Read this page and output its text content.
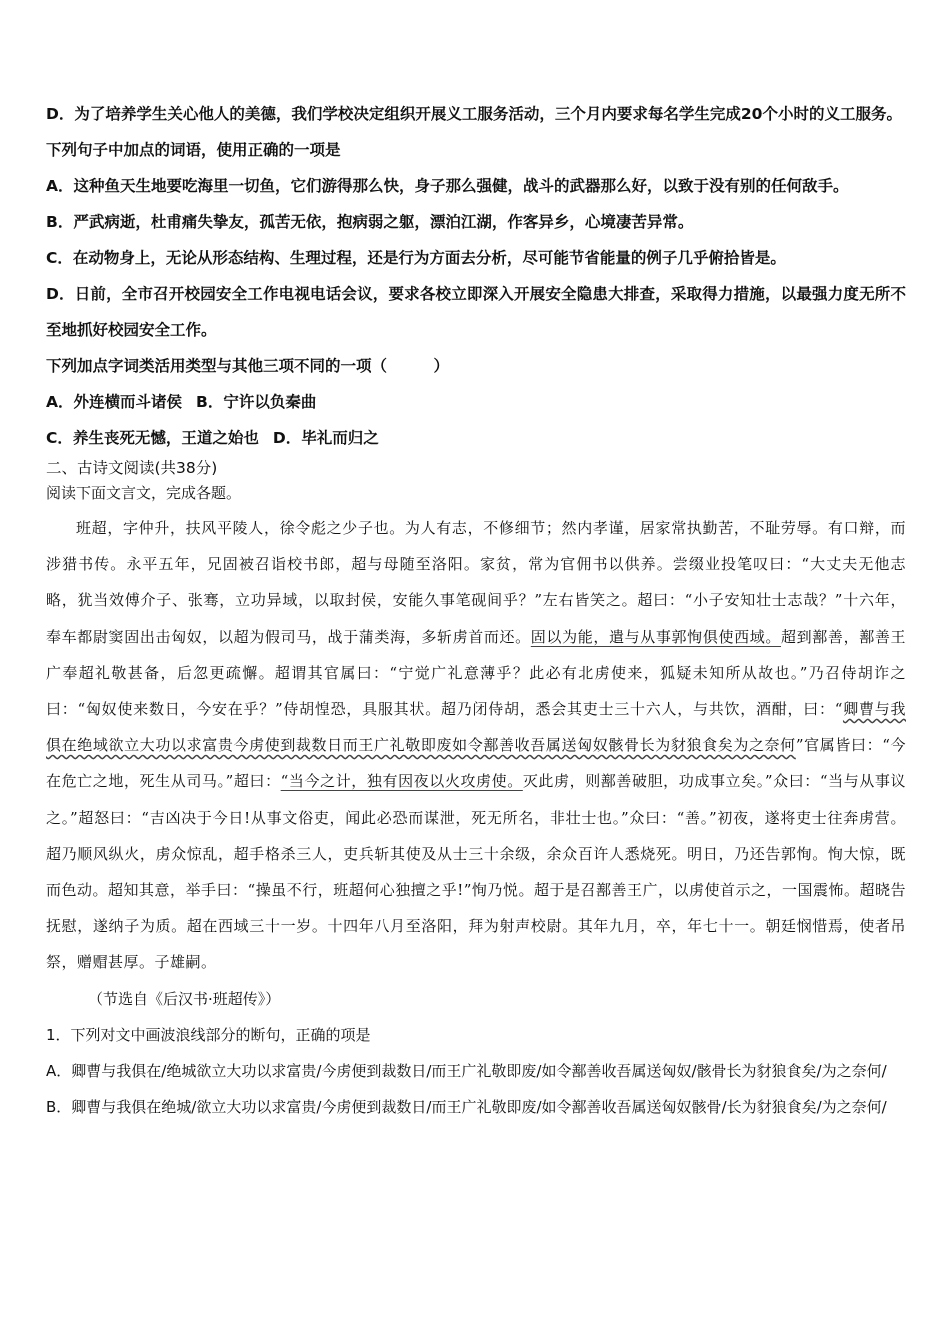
D．为了培养学生关心他人的美德，我们学校决定组织开展义工服务活动，三个月内要求每名学生完成20个小时的义工服务。

下列句子中加点的词语，使用正确的一项是

A．这种鱼天生地要吃海里一切鱼，它们游得那么快，身子那么强健，战斗的武器那么好，以致于没有别的任何敌手。

B．严武病逝，杜甫痛失挚友，孤苦无依，抱病弱之躯，漂泊江湖，作客异乡，心境凄苦异常。

C．在动物身上，无论从形态结构、生理过程，还是行为方面去分析，尽可能节省能量的例子几乎俯拾皆是。

D．日前，全市召开校园安全工作电视电话会议，要求各校立即深入开展安全隐患大排查，采取得力措施，以最强力度无所不至地抓好校园安全工作。

下列加点字词类活用类型与其他三项不同的一项（　　　）

A．外连横而斗诸侯 B．宁许以负秦曲

C．养生丧死无憾，王道之始也 D．毕礼而归之

二、古诗文阅读(共38分)

阅读下面文言文，完成各题。

班超，字仲升，扶风平陵人，徐令彪之少子也。为人有志，不修细节；然内孝谨，居家常执勤苦，不耻劳辱。有口辩，而涉猎书传。永平五年，兄固被召诣校书郎，超与母随至洛阳。家贫，常为官佣书以供养。尝缀业投笔叹曰：“大丈夫无他志略，犹当效傅介子、张骞，立功异域，以取封侯，安能久事笔砚间乎？”左右皆笑之。超曰：“小子安知壮士志哉？”十六年，奉车都尉窦固出击匈奴，以超为假司马，战于蒲类海，多斩虏首而还。固以为能，遣与从事郭恂俱使西域。超到鄯善，鄯善王广奉超礼敬甚备，后忽更疏懈。超谓其官属曰：“宁觉广礼意薄乎？此必有北虏使来，狐疑未知所从故也。”乃召侍胡诈之曰：“匈奴使来数日，今安在乎？”侍胡惶恐，具服其状。超乃闭侍胡，悉会其吏士三十六人，与共饮，酒酣，曰：“卿曹与我俱在绝域欲立大功以求富贵今虏使到裁数日而王广礼敬即废如令鄯善收吾属送匈奴骸骨长为豺狼食矣为之奈何”官属皆曰：“今在危亡之地，死生从司马。”超曰：“当今之计，独有因夜以火攻虏使。灭此虏，则鄯善破胆，功成事立矣。”众曰：“当与从事议之。”超怒曰：“吉凶决于今日!从事文俗吏，闻此必恐而谋泄，死无所名，非壮士也。”众曰：“善。”初夜，遂将吏士往奔虏营。超乃顺风纵火，虏众惊乱，超手格杀三人，吏兵斩其使及从士三十余级，余众百许人悉烧死。明日，乃还告郭恂。恂大惊，既而色动。超知其意，举手曰：“操虽不行，班超何心独擅之乎!”恂乃悦。超于是召鄯善王广，以虏使首示之，一国震怖。超晓告抚慰，遂纳子为质。超在西域三十一岁。十四年八月至洛阳，拜为射声校尉。其年九月，卒，年七十一。朝廷悯惜焉，使者吊祭，赠赗甚厚。子雄嗣。

（节选自《后汉书·班超传》）

1．下列对文中画波浪线部分的断句，正确的项是

A．卿曹与我俱在/绝城欲立大功以求富贵/今虏便到裁数日/而王广礼敬即废/如令鄯善收吾属送匈奴/骸骨长为豺狼食矣/为之奈何/

B．卿曹与我俱在绝城/欲立大功以求富贵/今虏便到裁数日/而王广礼敬即废/如令鄯善收吾属送匈奴骸骨/长为豺狼食矣/为之奈何/
